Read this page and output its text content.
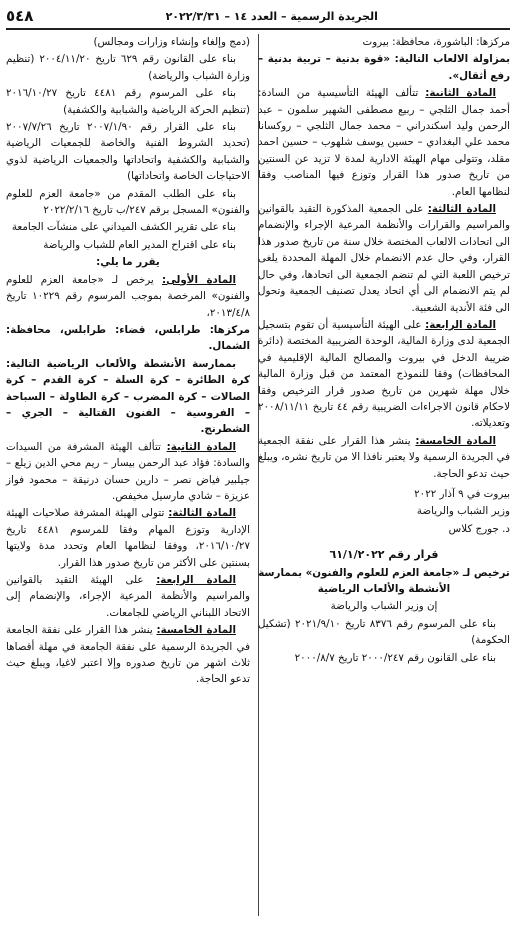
٥٤٨	الجريدة الرسمية – العدد ١٤ – ٢٠٢٢/٣/٣١

مركزها: الباشورة، محافظة: بيروت

بمزاولة الالعاب التالية: «قوة بدنية – تربية بدنية – رفع أثقال».

المادة الثانية: تتألف الهيئة التأسيسية من السادة: أحمد جمال الثلجي – ربيع مصطفى الشهير سلمون – عبد الرحمن وليد اسكندراني – محمد جمال الثلجي – روكسانا محمد علي البغدادي – حسين يوسف شلهوب – حسين احمد مقلد، وتتولى مهام الهيئة الادارية لمدة لا تزيد عن السنتين من تاريخ صدور هذا القرار وتوزع فيها المناصب وفقا لنظامها العام.

المادة الثالثة: على الجمعية المذكورة التقيد بالقوانين والمراسيم والقرارات والأنظمة المرعية الإجراء والإنضمام الى اتحادات الالعاب المختصة خلال سنة من تاريخ صدور هذا القرار، وفي حال عدم الانضمام خلال المهلة المحددة يلغى ترخيص اللعبة التي لم تنضم الجمعية الى اتحادها، وفي حال لم يتم الانضمام الى أي اتحاد يعدل تصنيف الجمعية وتحول الى فئة الأندية الشعبية.

المادة الرابعة: على الهيئة التأسيسية أن تقوم بتسجيل الجمعية لدى وزارة المالية، الوحدة الضريبية المختصة (دائرة ضريبة الدخل في بيروت والمصالح المالية الإقليمية في المحافظات) وفقا للنموذج المعتمد من قبل وزارة المالية خلال مهلة شهرين من تاريخ صدور قرار الترخيص وفقا لاحكام قانون الاجراءات الضريبية رقم ٤٤ تاريخ ٢٠٠٨/١١/١١ وتعديلاته.

المادة الخامسة: ينشر هذا القرار على نفقة الجمعية في الجريدة الرسمية ولا يعتبر نافذا الا من تاريخ نشره، ويبلغ حيث تدعو الحاجة.

بيروت في ٩ آذار ٢٠٢٢

وزير الشباب والرياضة

د. جورج كلاس

قرار رقم ٦١/١/٢٠٢٢

ترخيص لـ «جامعة العزم للعلوم والفنون» بممارسة الأنشطة والألعاب الرياضية

إن وزير الشباب والرياضة

بناء على المرسوم رقم ٨٣٧٦ تاريخ ٢٠٢١/٩/١٠ (تشكيل الحكومة)

بناء على القانون رقم ٢٠٠٠/٢٤٧ تاريخ ٢٠٠٠/٨/٧

(دمج وإلغاء وإنشاء وزارات ومجالس)

بناء على القانون رقم ٦٢٩ تاريخ ٢٠٠٤/١١/٢٠ (تنظيم وزارة الشباب والرياضة)

بناء على المرسوم رقم ٤٤٨١ تاريخ ٢٠١٦/١٠/٢٧ (تنظيم الحركة الرياضية والشبابية والكشفية)

بناء على القرار رقم ٢٠٠٧/١/٩٠ تاريخ ٢٠٠٧/٧/٢٦ (تحديد الشروط الفنية والخاصة للجمعيات الرياضية والشبابية والكشفية واتحاداتها والجمعيات الرياضية لذوي الاحتياجات الخاصة واتحاداتها)

بناء على الطلب المقدم من «جامعة العزم للعلوم والفنون» المسجل برقم ٢٤٧/ب تاريخ ٢٠٢٢/٢/١٦

بناء على تقرير الكشف الميداني على منشآت الجامعة

بناء على اقتراح المدير العام للشباب والرياضة

يقرر ما يلي:

المادة الأولى: يرخص لـ «جامعة العزم للعلوم والفنون» المرخصة بموجب المرسوم رقم ١٠٢٢٩ تاريخ ٢٠١٣/٤/٨،

مركزها: طرابلس، قضاء: طرابلس، محافظة: الشمال.

بممارسة الأنشطة والألعاب الرياضية التالية: كرة الطائرة – كرة السلة – كرة القدم – كرة الصالات – كرة المضرب – كرة الطاولة – السباحة – الفروسية – الفنون القتالية – الجري – الشطرنج.

المادة الثانية: تتألف الهيئة المشرفة من السيدات والسادة: فؤاد عبد الرحمن بيسار – ريم محي الدين زيلع – جيلبير فياض نصر – دارين حسان درنيقة – محمود فواز عزيزة – شادي مارسيل مخيفص.

المادة الثالثة: تتولى الهيئة المشرفة صلاحيات الهيئة الإدارية وتوزع المهام وفقا للمرسوم ٤٤٨١ تاريخ ٢٠١٦/١٠/٢٧، ووفقا لنظامها العام وتحدد مدة ولايتها بسنتين على الأكثر من تاريخ صدور هذا القرار.

المادة الرابعة: على الهيئة التقيد بالقوانين والمراسيم والأنظمة المرعية الإجراء، والإنضمام إلى الاتحاد اللبناني الرياضي للجامعات.

المادة الخامسة: ينشر هذا القرار على نفقة الجامعة في الجريدة الرسمية على نفقة الجامعة في مهلة أقصاها ثلاث اشهر من تاريخ صدوره وإلا اعتبر لاغيا، ويبلغ حيث تدعو الحاجة.
